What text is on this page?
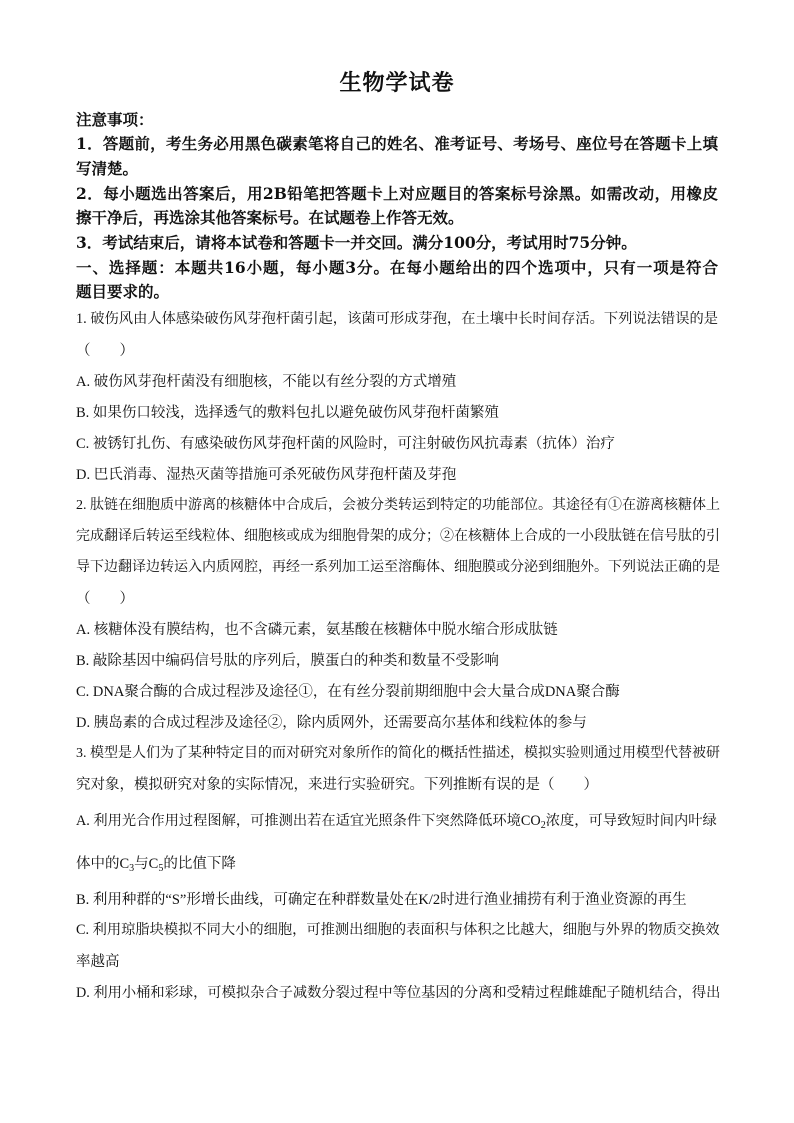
生物学试卷
注意事项：
1．答题前，考生务必用黑色碳素笔将自己的姓名、准考证号、考场号、座位号在答题卡上填
写清楚。
2．每小题选出答案后，用2B铅笔把答题卡上对应题目的答案标号涂黑。如需改动，用橡皮
擦干净后，再选涂其他答案标号。在试题卷上作答无效。
3．考试结束后，请将本试卷和答题卡一并交回。满分100分，考试用时75分钟。
一、选择题：本题共16小题，每小题3分。在每小题给出的四个选项中，只有一项是符合
题目要求的。
1. 破伤风由人体感染破伤风芽孢杆菌引起，该菌可形成芽孢，在土壤中长时间存活。下列说法错误的是
（　　）
A. 破伤风芽孢杆菌没有细胞核，不能以有丝分裂的方式增殖
B. 如果伤口较浅，选择透气的敷料包扎以避免破伤风芽孢杆菌繁殖
C. 被锈钉扎伤、有感染破伤风芽孢杆菌的风险时，可注射破伤风抗毒素（抗体）治疗
D. 巴氏消毒、湿热灭菌等措施可杀死破伤风芽孢杆菌及芽孢
2. 肽链在细胞质中游离的核糖体中合成后，会被分类转运到特定的功能部位。其途径有①在游离核糖体上
完成翻译后转运至线粒体、细胞核或成为细胞骨架的成分；②在核糖体上合成的一小段肽链在信号肽的引
导下边翻译边转运入内质网腔，再经一系列加工运至溶酶体、细胞膜或分泌到细胞外。下列说法正确的是
（　　）
A. 核糖体没有膜结构，也不含磷元素，氨基酸在核糖体中脱水缩合形成肽链
B. 敲除基因中编码信号肽的序列后，膜蛋白的种类和数量不受影响
C. DNA聚合酶的合成过程涉及途径①，在有丝分裂前期细胞中会大量合成DNA聚合酶
D. 胰岛素的合成过程涉及途径②，除内质网外，还需要高尔基体和线粒体的参与
3. 模型是人们为了某种特定目的而对研究对象所作的简化的概括性描述，模拟实验则通过用模型代替被研
究对象，模拟研究对象的实际情况，来进行实验研究。下列推断有误的是（　　）
A. 利用光合作用过程图解，可推测出若在适宜光照条件下突然降低环境$CO_2$浓度，可导致短时间内叶绿
体中的$C_3$与$C_5$的比值下降
B. 利用种群的“S”形增长曲线，可确定在种群数量处在K/2时进行渔业捕捞有利于渔业资源的再生
C. 利用琼脂块模拟不同大小的细胞，可推测出细胞的表面积与体积之比越大，细胞与外界的物质交换效
率越高
D. 利用小桶和彩球，可模拟杂合子减数分裂过程中等位基因的分离和受精过程雌雄配子随机结合，得出
